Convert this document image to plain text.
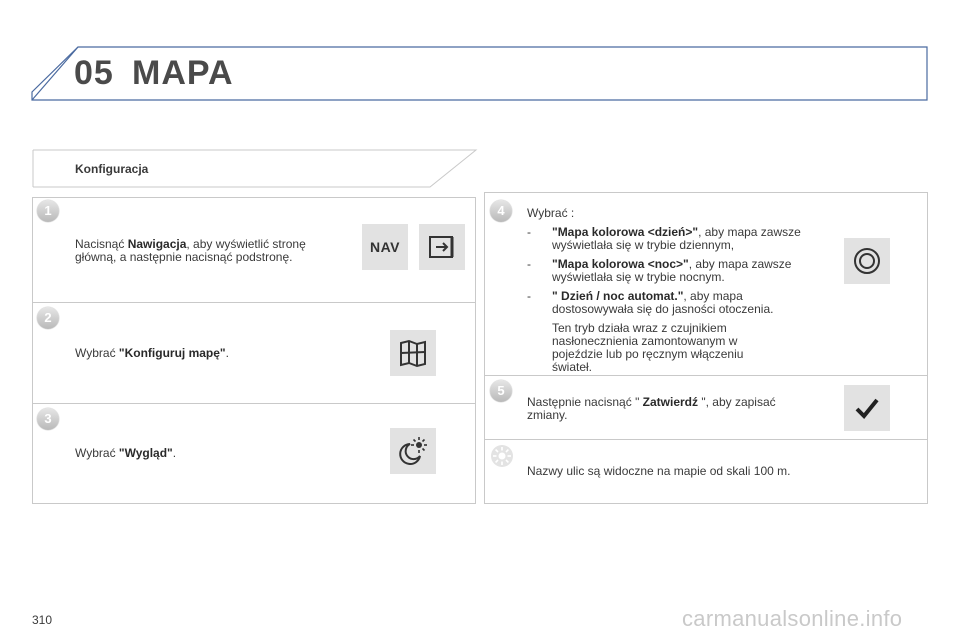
05 MAPA
Konfiguracja
1
Nacisnąć Nawigacja, aby wyświetlić stronę główną, a następnie nacisnąć podstronę.
NAV
2
Wybrać "Konfiguruj mapę".
3
Wybrać "Wygląd".
4	Wybrać :
- "Mapa kolorowa <dzień>", aby mapa zawsze wyświetlała się w trybie dziennym,
- "Mapa kolorowa <noc>", aby mapa zawsze wyświetlała się w trybie nocnym.
- " Dzień / noc automat.", aby mapa dostosowywała się do jasności otoczenia.
Ten tryb działa wraz z czujnikiem nasłonecznienia zamontowanym w pojeździe lub po ręcznym włączeniu świateł.
5
Następnie nacisnąć " Zatwierdź ", aby zapisać zmiany.
Nazwy ulic są widoczne na mapie od skali 100 m.
310	carmanualsonline.info
